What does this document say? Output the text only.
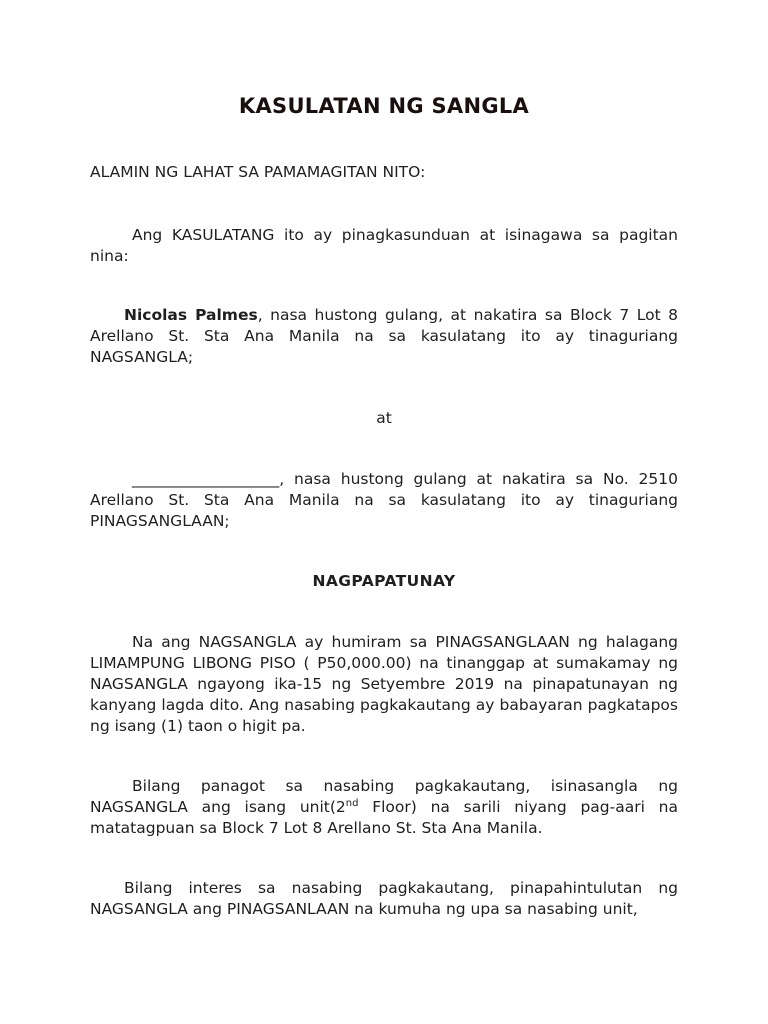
KASULATAN NG SANGLA
ALAMIN NG LAHAT SA PAMAMAGITAN NITO:
Ang KASULATANG ito ay pinagkasunduan at isinagawa sa pagitan nina:
Nicolas Palmes, nasa hustong gulang, at nakatira sa Block 7 Lot 8 Arellano St. Sta Ana Manila na sa kasulatang ito ay tinaguriang NAGSANGLA;
at
___________________, nasa hustong gulang at nakatira sa No. 2510 Arellano St. Sta Ana Manila na sa kasulatang ito ay tinaguriang PINAGSANGLAAN;
NAGPAPATUNAY
Na ang NAGSANGLA ay humiram sa PINAGSANGLAAN ng halagang LIMAMPUNG LIBONG PISO ( P50,000.00) na tinanggap at sumakamay ng NAGSANGLA ngayong ika-15 ng Setyembre 2019 na pinapatunayan ng kanyang lagda dito. Ang nasabing pagkakautang ay babayaran pagkatapos ng isang (1) taon o higit pa.
Bilang panagot sa nasabing pagkakautang, isinasangla ng NAGSANGLA ang isang unit(2nd Floor) na sarili niyang pag-aari na matatagpuan sa Block 7 Lot 8 Arellano St. Sta Ana Manila.
Bilang interes sa nasabing pagkakautang, pinapahintulutan ng NAGSANGLA ang PINAGSANLAAN na kumuha ng upa sa nasabing unit,
